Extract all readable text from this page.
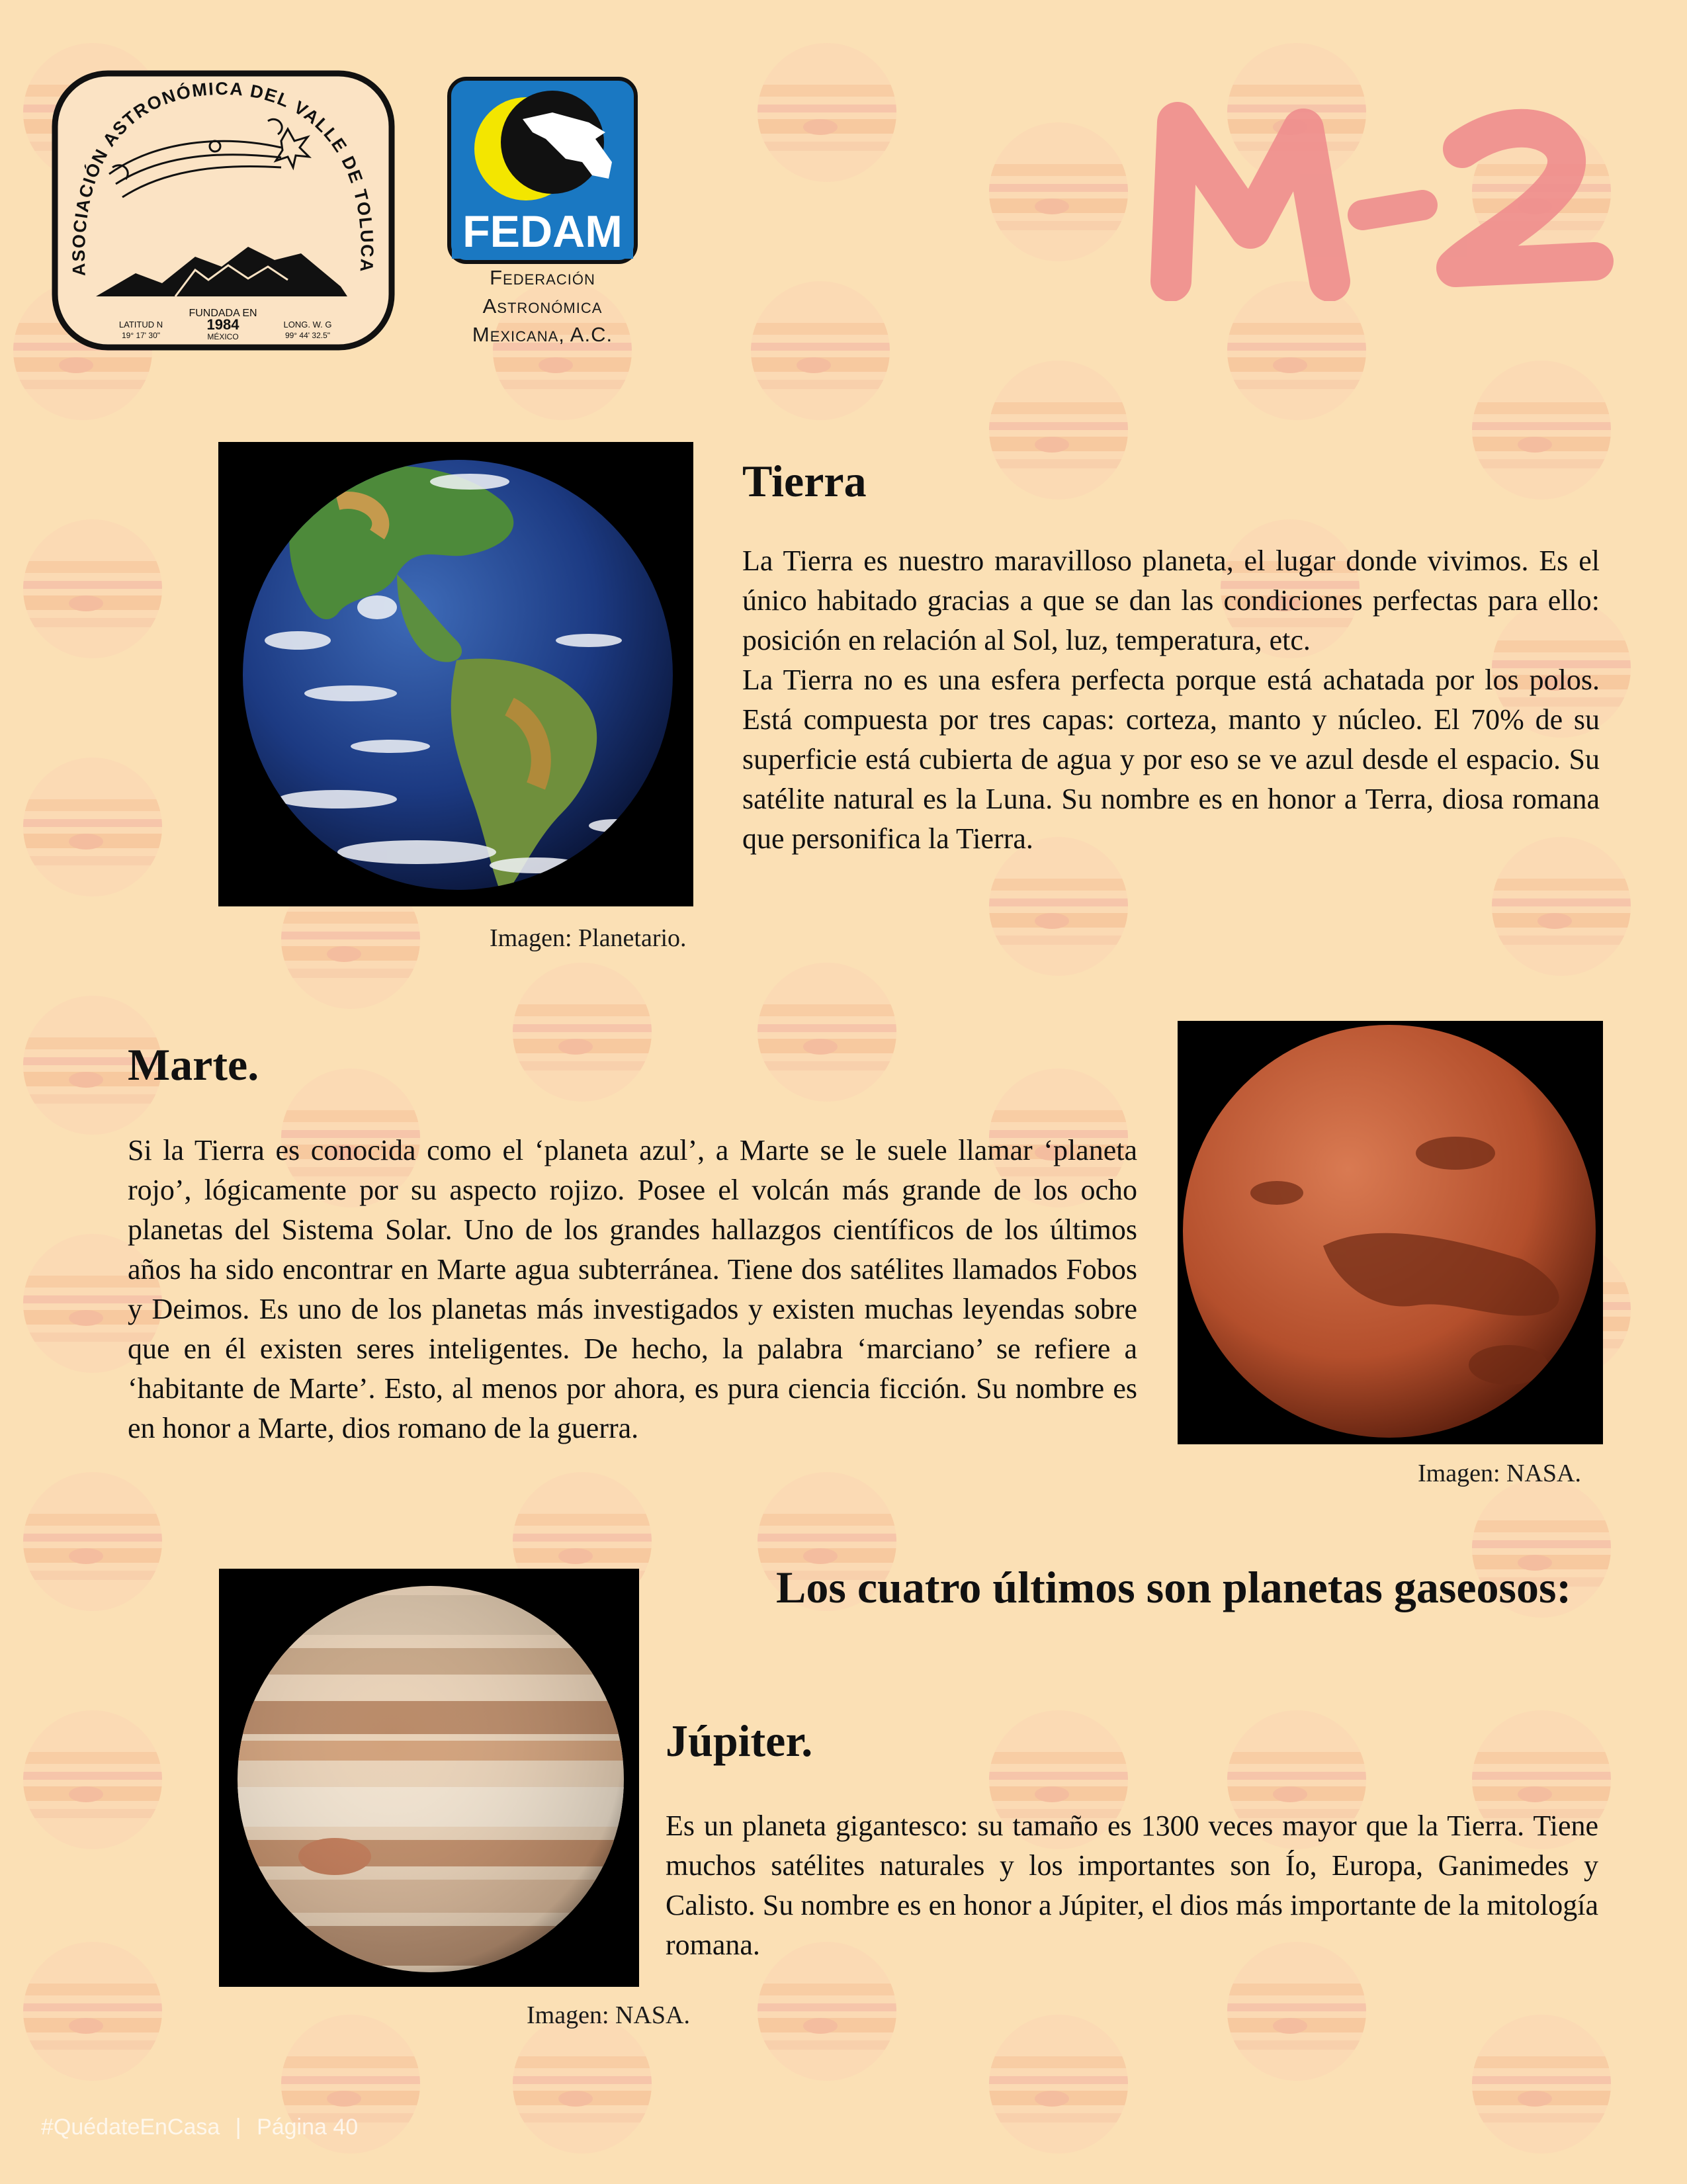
ASOCIACIÓN ASTRONÓMICA DEL VALLE DE TOLUCA
FUNDADA EN
1984
MÉXICO
LATITUD N
19° 17' 30"
LONG. W. G
99° 44' 32.5"
FEDAM
Federación
Astronómica
Mexicana, A.C.
Imagen: Planetario.
Tierra

La Tierra es nuestro maravilloso planeta, el lugar donde vivimos. Es el único habitado gracias a que se dan las condiciones perfectas para ello: posición en relación al Sol, luz, temperatura, etc.

La Tierra no es una esfera perfecta porque está achatada por los polos. Está compuesta por tres capas: corteza, manto y núcleo. El 70% de su superficie está cubierta de agua y por eso se ve azul desde el espacio. Su satélite natural es la Luna. Su nombre es en honor a Terra, diosa romana que personifica la Tierra.

Marte.

Si la Tierra es conocida como el ‘planeta azul’, a Marte se le suele llamar ‘planeta rojo’, lógicamente por su aspecto rojizo. Posee el volcán más grande de los ocho planetas del Sistema Solar. Uno de los grandes hallazgos científicos de los últimos años ha sido encontrar en Marte agua subterránea. Tiene dos satélites llamados Fobos y Deimos. Es uno de los planetas más investigados y existen muchas leyendas sobre que en él existen seres inteligentes. De hecho, la palabra ‘marciano’ se refiere a ‘habitante de Marte’. Esto, al menos por ahora, es pura ciencia ficción. Su nombre es en honor a Marte, dios romano de la guerra.

Imagen: NASA.
Los cuatro últimos son planetas gaseosos:
Imagen: NASA.
Júpiter.

Es un planeta gigantesco: su tamaño es 1300 veces mayor que la Tierra. Tiene muchos satélites naturales y los importantes son Ío, Europa, Ganimedes y Calisto. Su nombre es en honor a Júpiter, el dios más importante de la mitología romana.

#QuédateEnCasa | Página 40
